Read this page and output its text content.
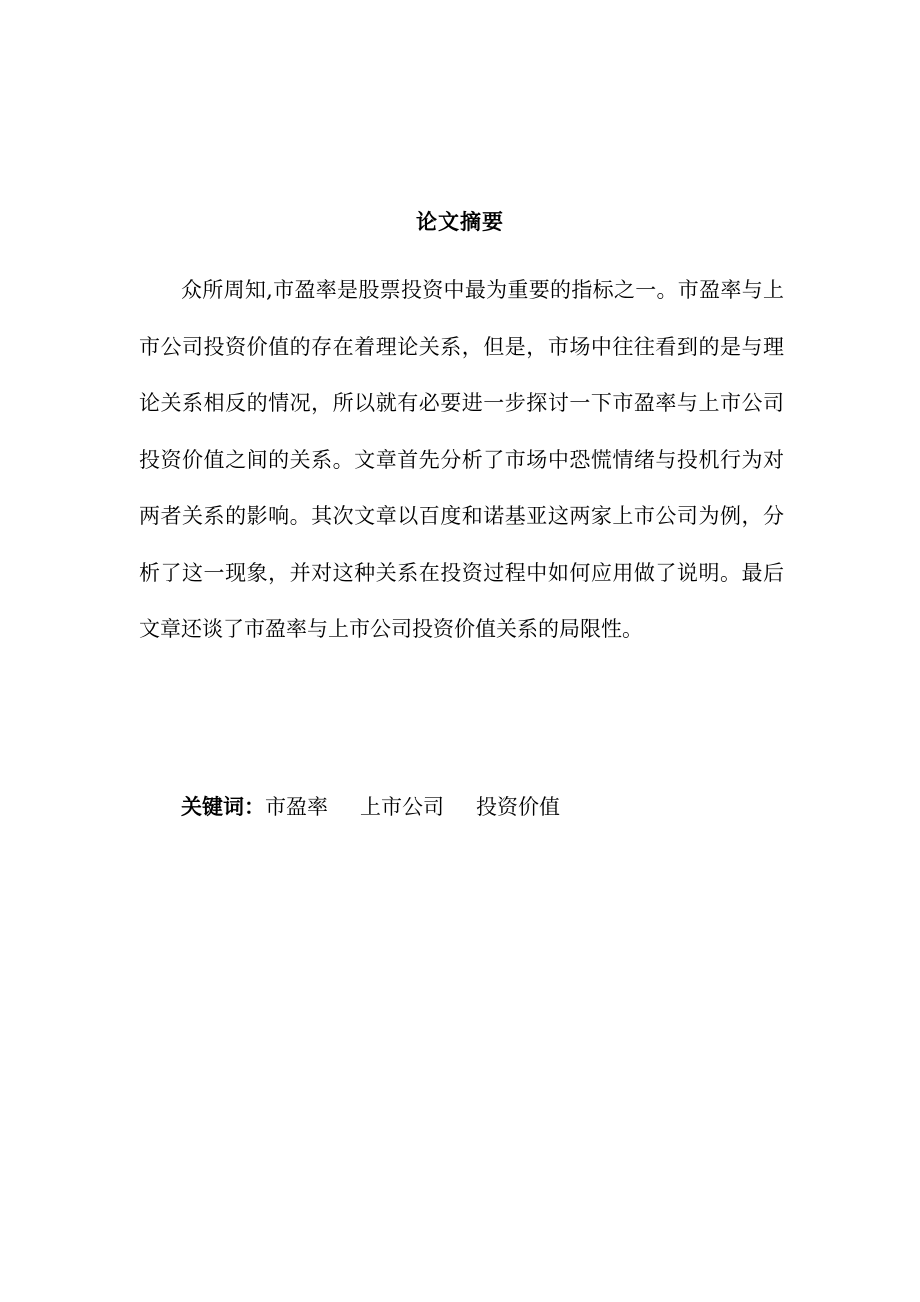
论文摘要

众所周知,市盈率是股票投资中最为重要的指标之一。市盈率与上市公司投资价值的存在着理论关系，但是，市场中往往看到的是与理论关系相反的情况，所以就有必要进一步探讨一下市盈率与上市公司投资价值之间的关系。文章首先分析了市场中恐慌情绪与投机行为对两者关系的影响。其次文章以百度和诺基亚这两家上市公司为例，分析了这一现象，并对这种关系在投资过程中如何应用做了说明。最后文章还谈了市盈率与上市公司投资价值关系的局限性。

关键词：市盈率 上市公司 投资价值
